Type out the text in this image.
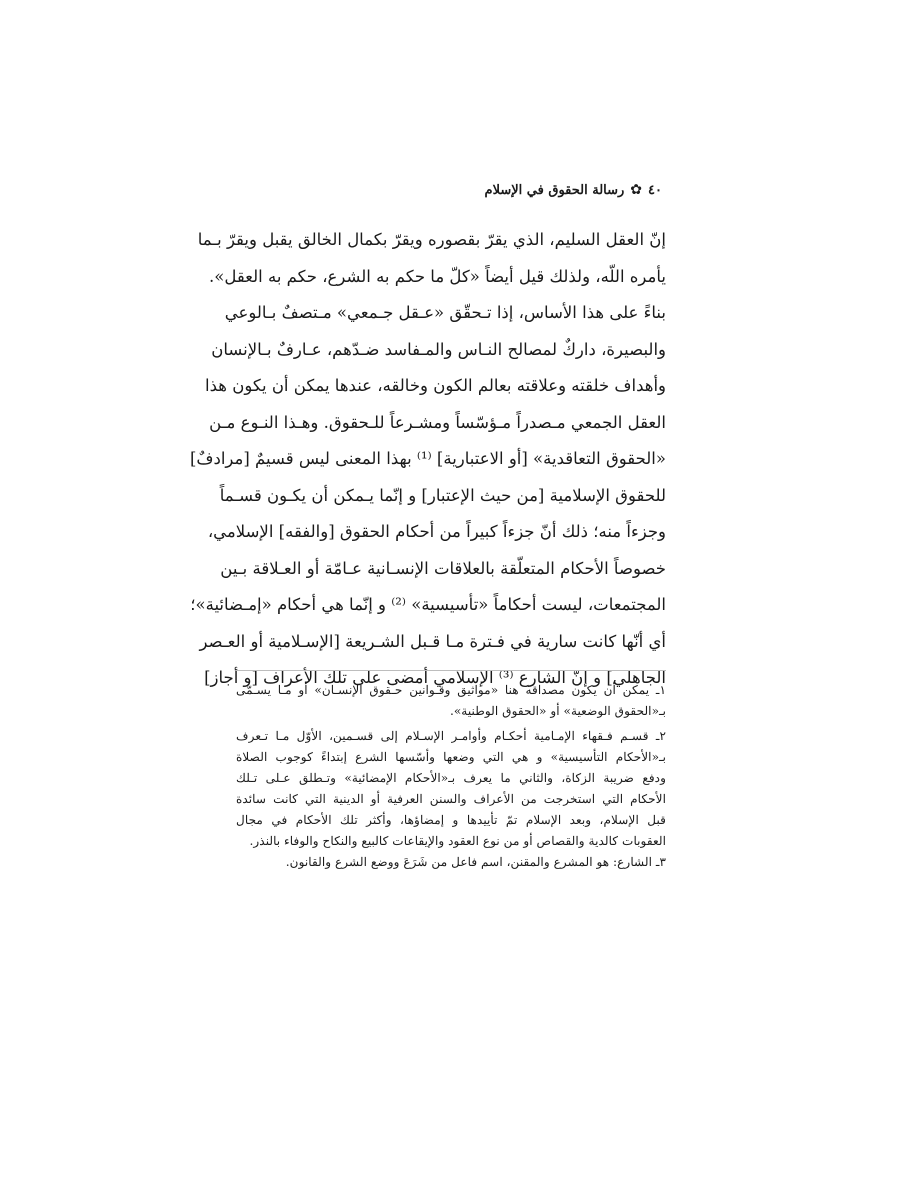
٤٠
✿
رسالة الحقوق في الإسلام
إنّ العقل السليم، الذي يقرّ بقصوره ويقرّ بكمال الخالق يقبل ويقرّ بـما
يأمره اللّه، ولذلك قيل أيضاً «كلّ ما حكم به الشرع، حكم به العقل».
بناءً على هذا الأساس، إذا تـحقّق «عـقل جـمعي» مـتصفٌ بـالوعي
والبصيرة، داركٌ لمصالح النـاس والمـفاسد ضـدّهم، عـارفٌ بـالإنسان
وأهداف خلقته وعلاقته بعالم الكون وخالقه، عندها يمكن أن يكون هذا
العقل الجمعي مـصدراً مـؤسّساً ومشـرعاً للـحقوق. وهـذا النـوع مـن
«الحقوق التعاقدية» [أو الاعتبارية] ⁽¹⁾ بهذا المعنى ليس قسيمٌ [مرادفٌ]
للحقوق الإسلامية [من حيث الإعتبار] و إنّما يـمكن أن يكـون قسـماً
وجزءاً منه؛ ذلك أنّ جزءاً كبيراً من أحكام الحقوق [والفقه] الإسلامي،
خصوصاً الأحكام المتعلّقة بالعلاقات الإنسـانية عـامّة أو العـلاقة بـين
المجتمعات، ليست أحكاماً «تأسيسية» ⁽²⁾ و إنّما هي أحكام «إمـضائية»؛
أي أنّها كانت سارية في فـترة مـا قـبل الشـريعة [الإسـلامية أو العـصر
الجاهلي] و إنّ الشارع ⁽³⁾ الإسلامي أمضى على تلك الأعراف [و أجاز]
١ـ يمكن أن يكون مصداقه هنا «مواثيق وقـوانين حـقوق الإنسـان» أو مـا يسـمّى
بـ«الحقوق الوضعية» أو «الحقوق الوطنية».
٢ـ قسـم فـقهاء الإمـامية أحكـام وأوامـر الإسـلام إلى قسـمين، الأوّل مـا تـعرف
بـ«الأحكام التأسيسية» و هي التي وضعها وأسّسها الشرع إبتداءً كوجوب الصلاة
ودفع ضريبة الزكاة، والثاني ما يعرف بـ«الأحكام الإمضائية» وتـطلق عـلى تـلك
الأحكام التي استخرجت من الأعراف والسنن العرفية أو الدينية التي كانت سائدة
قبل الإسلام، وبعد الإسلام تمّ تأييدها و إمضاؤها، وأكثر تلك الأحكام في مجال
العقوبات كالدية والقصاص أو من نوع العقود والإيقاعات كالبيع والنكاح والوفاء بالنذر.
٣ـ الشارع: هو المشرع والمقنن، اسم فاعل من شَرَعَ ووضع الشرع والقانون.
